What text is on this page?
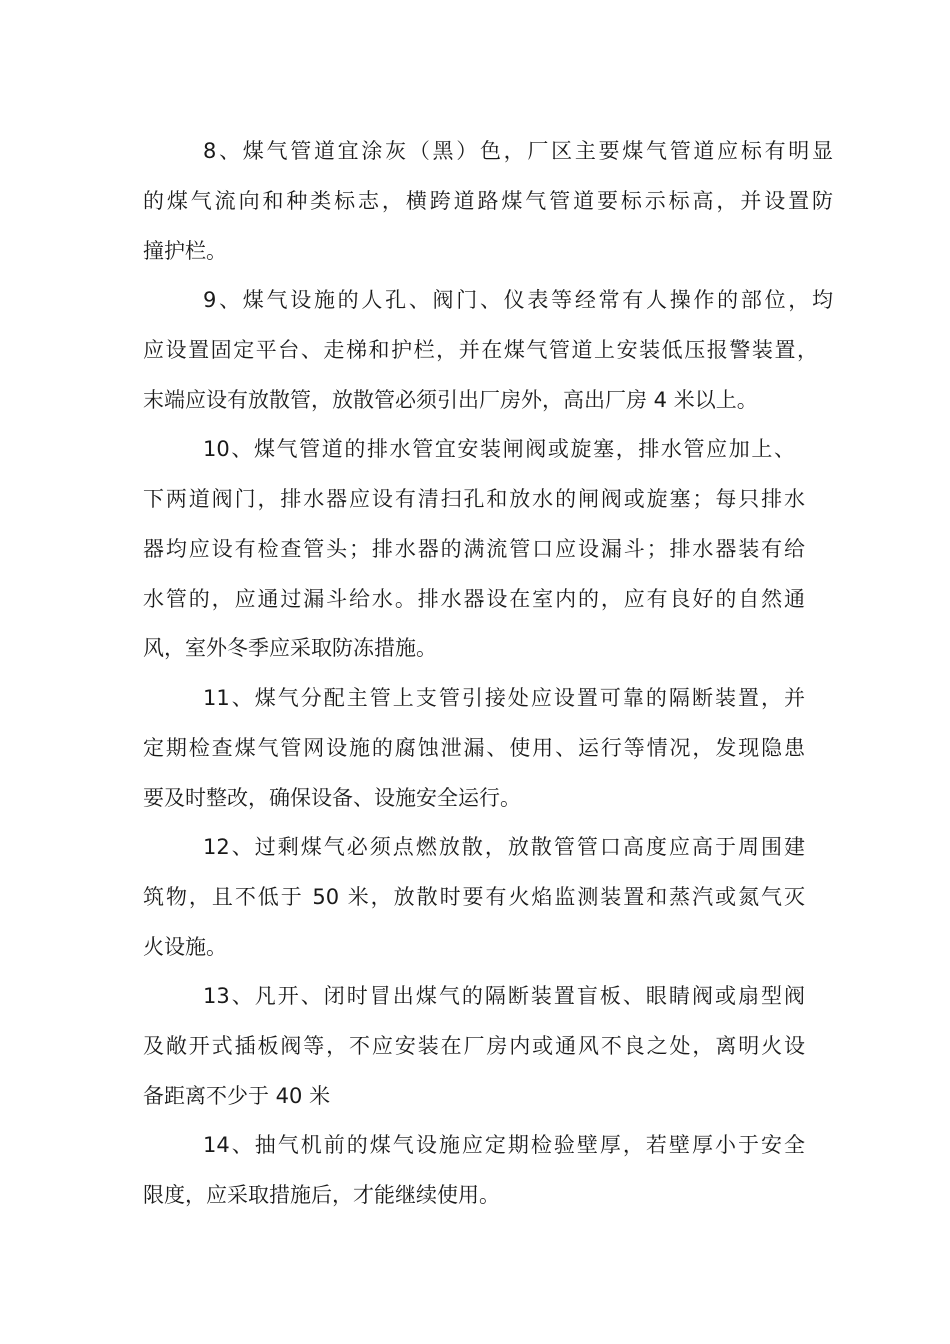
8、煤气管道宜涂灰（黑）色，厂区主要煤气管道应标有明显
的煤气流向和种类标志，横跨道路煤气管道要标示标高，并设置防
撞护栏。
9、煤气设施的人孔、阀门、仪表等经常有人操作的部位，均
应设置固定平台、走梯和护栏，并在煤气管道上安装低压报警装置，
末端应设有放散管，放散管必须引出厂房外，高出厂房 4 米以上。
10、煤气管道的排水管宜安装闸阀或旋塞，排水管应加上、
下两道阀门，排水器应设有清扫孔和放水的闸阀或旋塞；每只排水
器均应设有检查管头；排水器的满流管口应设漏斗；排水器装有给
水管的，应通过漏斗给水。排水器设在室内的，应有良好的自然通
风，室外冬季应采取防冻措施。
11、煤气分配主管上支管引接处应设置可靠的隔断装置，并
定期检查煤气管网设施的腐蚀泄漏、使用、运行等情况，发现隐患
要及时整改，确保设备、设施安全运行。
12、过剩煤气必须点燃放散，放散管管口高度应高于周围建
筑物，且不低于 50 米，放散时要有火焰监测装置和蒸汽或氮气灭
火设施。
13、凡开、闭时冒出煤气的隔断装置盲板、眼睛阀或扇型阀
及敞开式插板阀等，不应安装在厂房内或通风不良之处，离明火设
备距离不少于 40 米
14、抽气机前的煤气设施应定期检验壁厚，若壁厚小于安全
限度，应采取措施后，才能继续使用。
